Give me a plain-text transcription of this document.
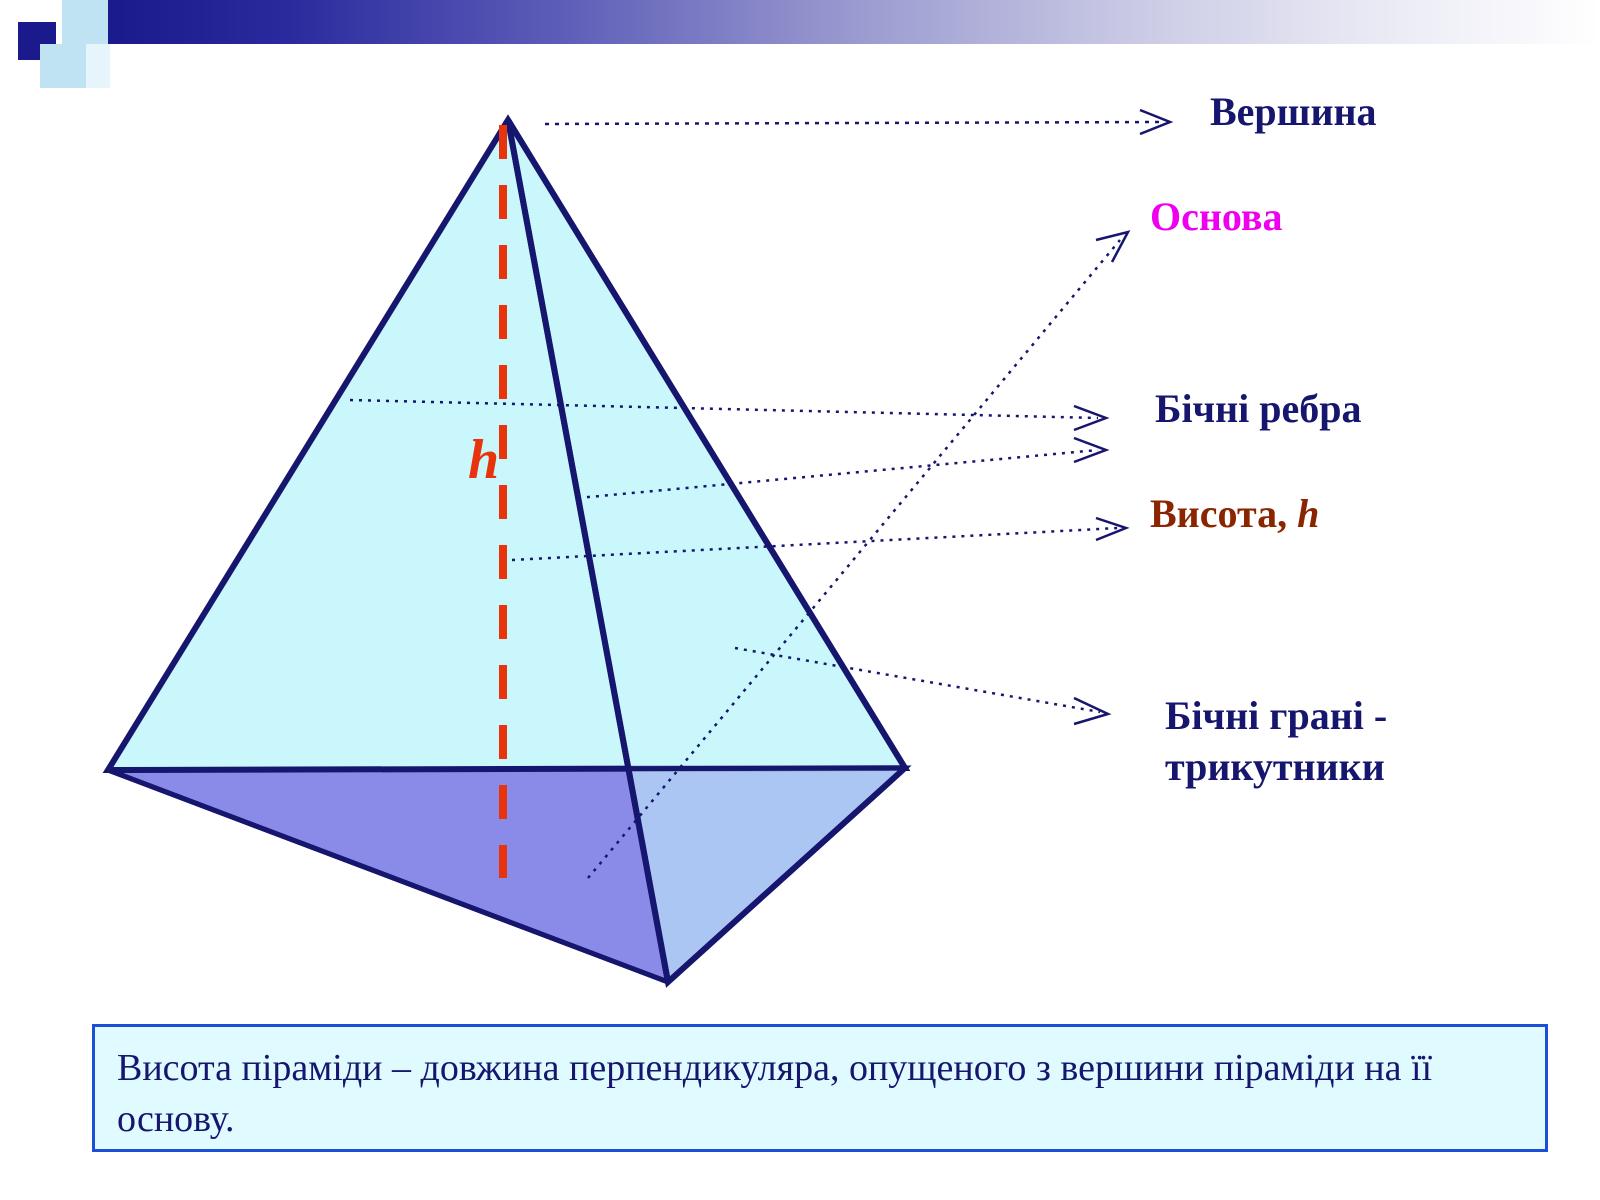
h
Вершина
Основа
Бічні ребра
Висота, h
Бічні грані - трикутники
Висота піраміди – довжина перпендикуляра, опущеного з вершини піраміди на її основу.
